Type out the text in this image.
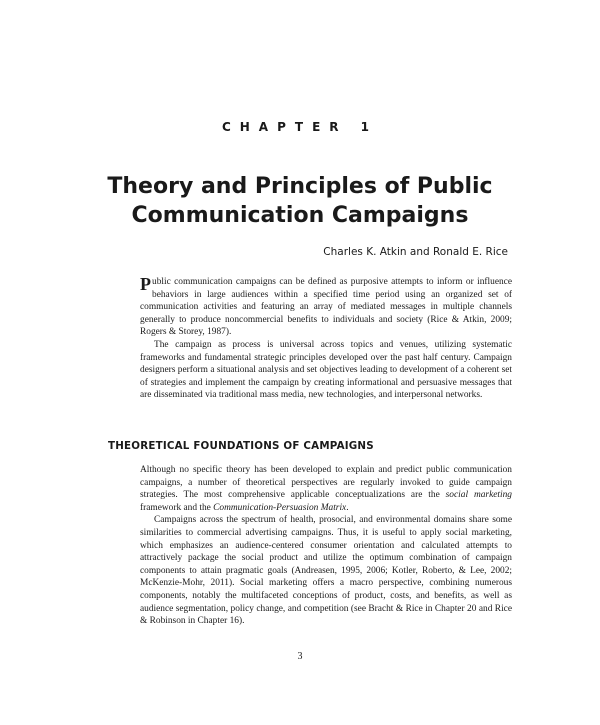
CHAPTER 1
Theory and Principles of Public
Communication Campaigns
Charles K. Atkin and Ronald E. Rice

Public communication campaigns can be defined as purposive attempts to inform or influence behaviors in large audiences within a specified time period using an organized set of communication activities and featuring an array of mediated messages in multiple channels generally to produce noncommercial benefits to individuals and society (Rice & Atkin, 2009; Rogers & Storey, 1987).

The campaign as process is universal across topics and venues, utilizing systematic frameworks and fundamental strategic principles developed over the past half century. Campaign designers perform a situational analysis and set objectives leading to development of a coherent set of strategies and implement the campaign by creating informational and persuasive messages that are disseminated via traditional mass media, new technologies, and interpersonal networks.

THEORETICAL FOUNDATIONS OF CAMPAIGNS

Although no specific theory has been developed to explain and predict public communication campaigns, a number of theoretical perspectives are regularly invoked to guide campaign strategies. The most comprehensive applicable conceptualizations are the social marketing framework and the Communication-Persuasion Matrix.

Campaigns across the spectrum of health, prosocial, and environmental domains share some similarities to commercial advertising campaigns. Thus, it is useful to apply social marketing, which emphasizes an audience-centered consumer orientation and calculated attempts to attractively package the social product and utilize the optimum combination of campaign components to attain pragmatic goals (Andreasen, 1995, 2006; Kotler, Roberto, & Lee, 2002; McKenzie-Mohr, 2011). Social marketing offers a macro perspective, combining numerous components, notably the multifaceted conceptions of product, costs, and benefits, as well as audience segmentation, policy change, and competition (see Bracht & Rice in Chapter 20 and Rice & Robinson in Chapter 16).

3
